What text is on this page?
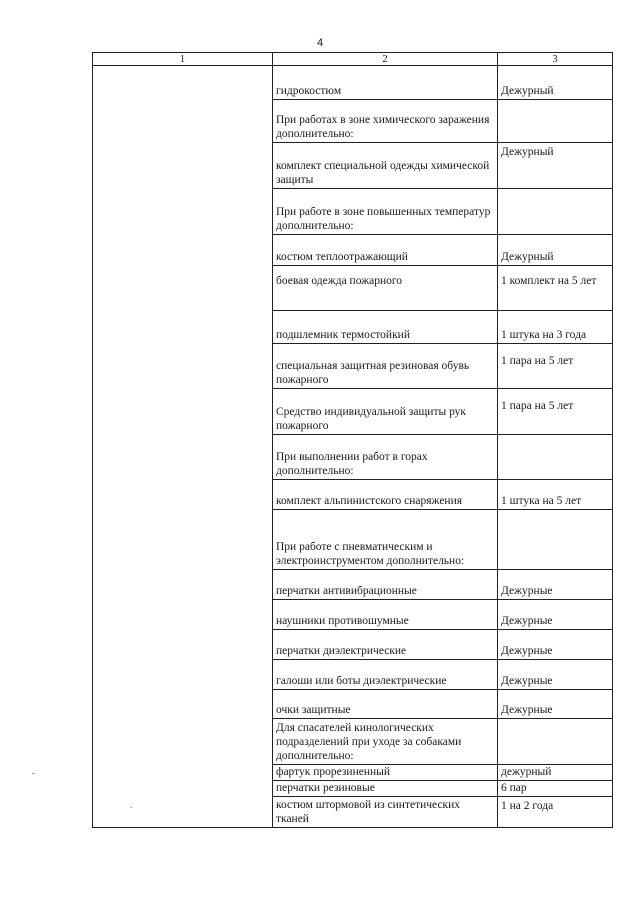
4
1	2	3
	гидрокостюм	Дежурный
	При работах в зоне химического заражения дополнительно:	
	комплект специальной одежды химической защиты	Дежурный
	При работе в зоне повышенных температур дополнительно:	
	костюм теплоотражающий	Дежурный
	боевая одежда пожарного	1 комплект на 5 лет
	подшлемник термостойкий	1 штука на 3 года
	специальная защитная резиновая обувь пожарного	1 пара на 5 лет
	Средство индивидуальной защиты рук пожарного	1 пара на 5 лет
	При выполнении работ в горах дополнительно:	
	комплект альпинистского снаряжения	1 штука на 5 лет
	При работе с пневматическим и электроинструментом дополнительно:	
	перчатки антивибрационные	Дежурные
	наушники противошумные	Дежурные
	перчатки диэлектрические	Дежурные
	галоши или боты диэлектрические	Дежурные
	очки защитные	Дежурные
	Для спасателей кинологических подразделений при уходе за собаками дополнительно:	
	фартук прорезиненный	дежурный
	перчатки резиновые	6 пар
	костюм штормовой из синтетических тканей	1 на 2 года
-
.
